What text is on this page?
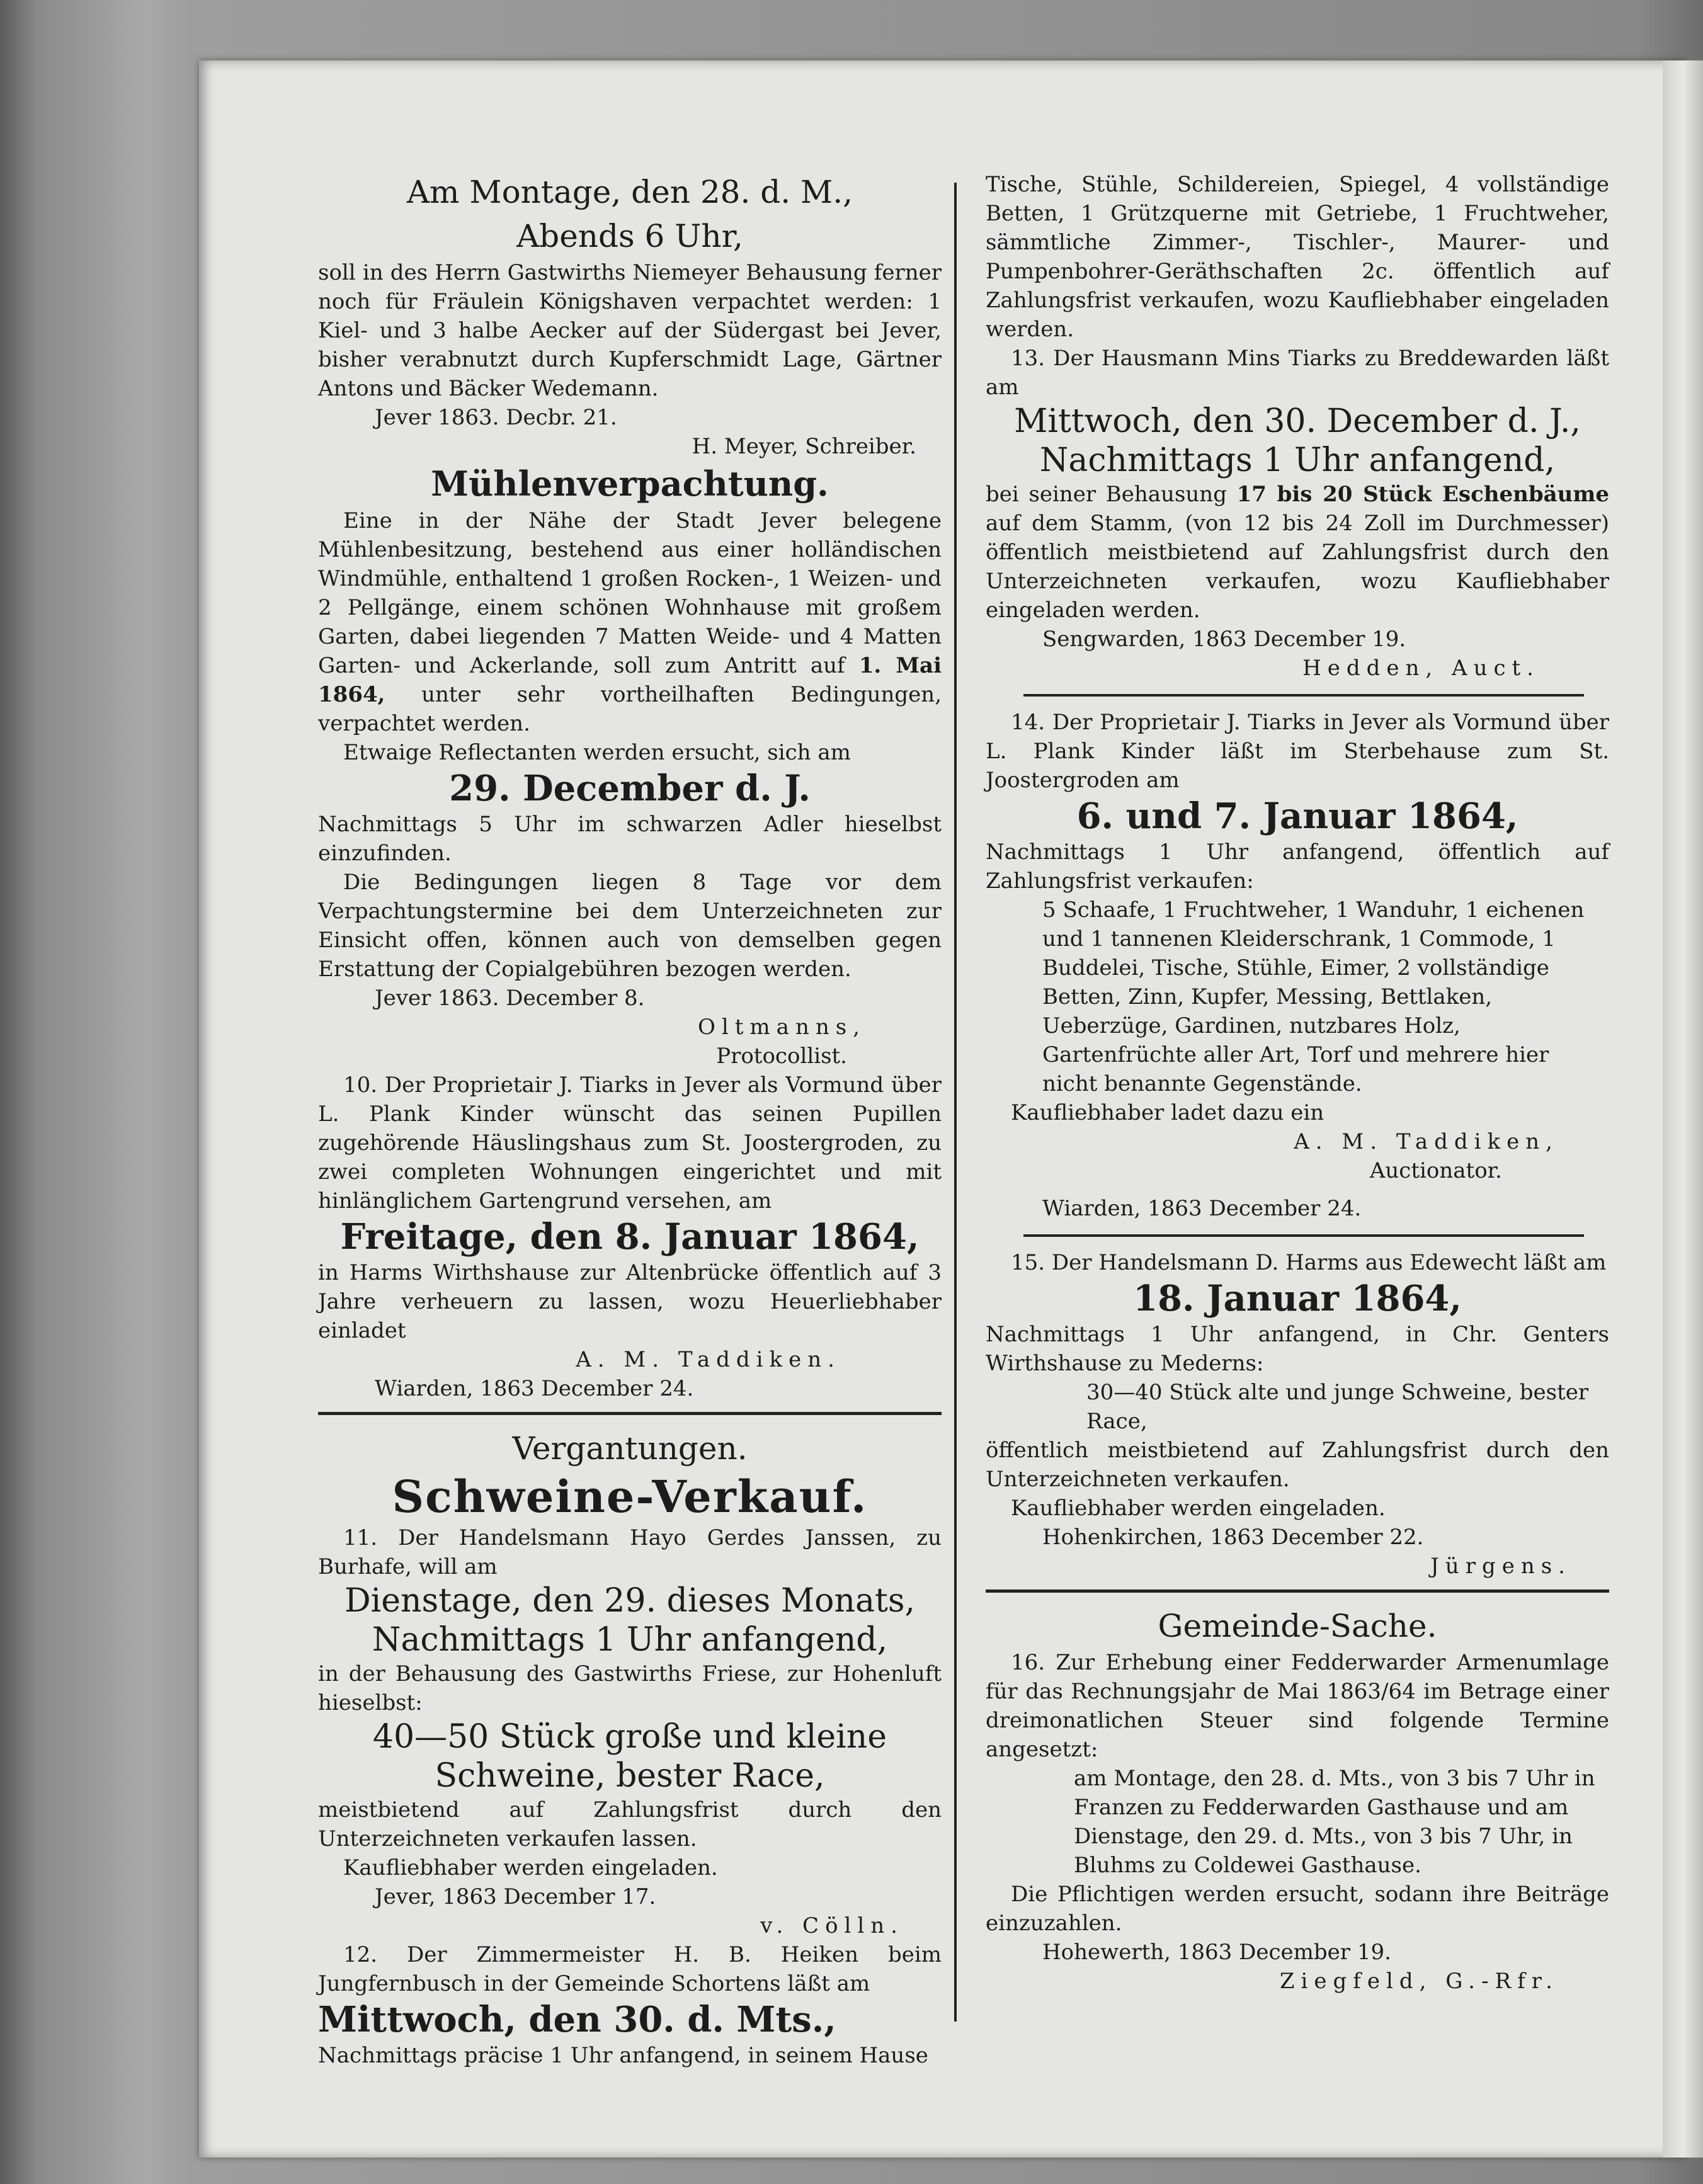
Am Montage, den 28. d. M.,

Abends 6 Uhr,

soll in des Herrn Gastwirths Niemeyer Behausung ferner noch für Fräulein Königshaven verpachtet werden: 1 Kiel- und 3 halbe Aecker auf der Südergast bei Jever, bisher verabnutzt durch Kupferschmidt Lage, Gärtner Antons und Bäcker Wedemann.

Jever 1863. Decbr. 21.

H. Meyer, Schreiber.

Mühlenverpachtung.

Eine in der Nähe der Stadt Jever belegene Mühlenbesitzung, bestehend aus einer holländischen Windmühle, enthaltend 1 großen Rocken-, 1 Weizen- und 2 Pellgänge, einem schönen Wohnhause mit großem Garten, dabei liegenden 7 Matten Weide- und 4 Matten Garten- und Ackerlande, soll zum Antritt auf 1. Mai 1864, unter sehr vortheilhaften Bedingungen, verpachtet werden.

Etwaige Reflectanten werden ersucht, sich am

29. December d. J.

Nachmittags 5 Uhr im schwarzen Adler hieselbst einzufinden.

Die Bedingungen liegen 8 Tage vor dem Verpachtungstermine bei dem Unterzeichneten zur Einsicht offen, können auch von demselben gegen Erstattung der Copialgebühren bezogen werden.

Jever 1863. December 8.

Oltmanns,

Protocollist.

10. Der Proprietair J. Tiarks in Jever als Vormund über L. Plank Kinder wünscht das seinen Pupillen zugehörende Häuslingshaus zum St. Joostergroden, zu zwei completen Wohnungen eingerichtet und mit hinlänglichem Gartengrund versehen, am

Freitage, den 8. Januar 1864,

in Harms Wirthshause zur Altenbrücke öffentlich auf 3 Jahre verheuern zu lassen, wozu Heuerliebhaber einladet

A. M. Taddiken.

Wiarden, 1863 December 24.

Vergantungen.

Schweine-Verkauf.

11. Der Handelsmann Hayo Gerdes Janssen, zu Burhafe, will am

Dienstage, den 29. dieses Monats,

Nachmittags 1 Uhr anfangend,

in der Behausung des Gastwirths Friese, zur Hohenluft hieselbst:

40—50 Stück große und kleine

Schweine, bester Race,

meistbietend auf Zahlungsfrist durch den Unterzeichneten verkaufen lassen.

Kaufliebhaber werden eingeladen.

Jever, 1863 December 17.

v. Cölln.

12. Der Zimmermeister H. B. Heiken beim Jungfernbusch in der Gemeinde Schortens läßt am

Mittwoch, den 30. d. Mts.,

Nachmittags präcise 1 Uhr anfangend, in seinem Hause

Tische, Stühle, Schildereien, Spiegel, 4 vollständige Betten, 1 Grützquerne mit Getriebe, 1 Fruchtweher, sämmtliche Zimmer-, Tischler-, Maurer- und Pumpenbohrer-Geräthschaften 2c. öffentlich auf Zahlungsfrist verkaufen, wozu Kaufliebhaber eingeladen werden.

13. Der Hausmann Mins Tiarks zu Breddewarden läßt am

Mittwoch, den 30. December d. J.,

Nachmittags 1 Uhr anfangend,

bei seiner Behausung 17 bis 20 Stück Eschenbäume auf dem Stamm, (von 12 bis 24 Zoll im Durchmesser) öffentlich meistbietend auf Zahlungsfrist durch den Unterzeichneten verkaufen, wozu Kaufliebhaber eingeladen werden.

Sengwarden, 1863 December 19.

Hedden, Auct.

14. Der Proprietair J. Tiarks in Jever als Vormund über L. Plank Kinder läßt im Sterbehause zum St. Joostergroden am

6. und 7. Januar 1864,

Nachmittags 1 Uhr anfangend, öffentlich auf Zahlungsfrist verkaufen:

5 Schaafe, 1 Fruchtweher, 1 Wanduhr, 1 eichenen und 1 tannenen Kleiderschrank, 1 Commode, 1 Buddelei, Tische, Stühle, Eimer, 2 vollständige Betten, Zinn, Kupfer, Messing, Bettlaken, Ueberzüge, Gardinen, nutzbares Holz, Gartenfrüchte aller Art, Torf und mehrere hier nicht benannte Gegenstände.

Kaufliebhaber ladet dazu ein

A. M. Taddiken,

Auctionator.

Wiarden, 1863 December 24.

15. Der Handelsmann D. Harms aus Edewecht läßt am

18. Januar 1864,

Nachmittags 1 Uhr anfangend, in Chr. Genters Wirthshause zu Mederns:

30—40 Stück alte und junge Schweine, bester Race,

öffentlich meistbietend auf Zahlungsfrist durch den Unterzeichneten verkaufen.

Kaufliebhaber werden eingeladen.

Hohenkirchen, 1863 December 22.

Jürgens.

Gemeinde-Sache.

16. Zur Erhebung einer Fedderwarder Armenumlage für das Rechnungsjahr de Mai 1863/64 im Betrage einer dreimonatlichen Steuer sind folgende Termine angesetzt:

am Montage, den 28. d. Mts., von 3 bis 7 Uhr in Franzen zu Fedderwarden Gasthause und am Dienstage, den 29. d. Mts., von 3 bis 7 Uhr, in Bluhms zu Coldewei Gasthause.

Die Pflichtigen werden ersucht, sodann ihre Beiträge einzuzahlen.

Hohewerth, 1863 December 19.

Ziegfeld, G.-Rfr.
